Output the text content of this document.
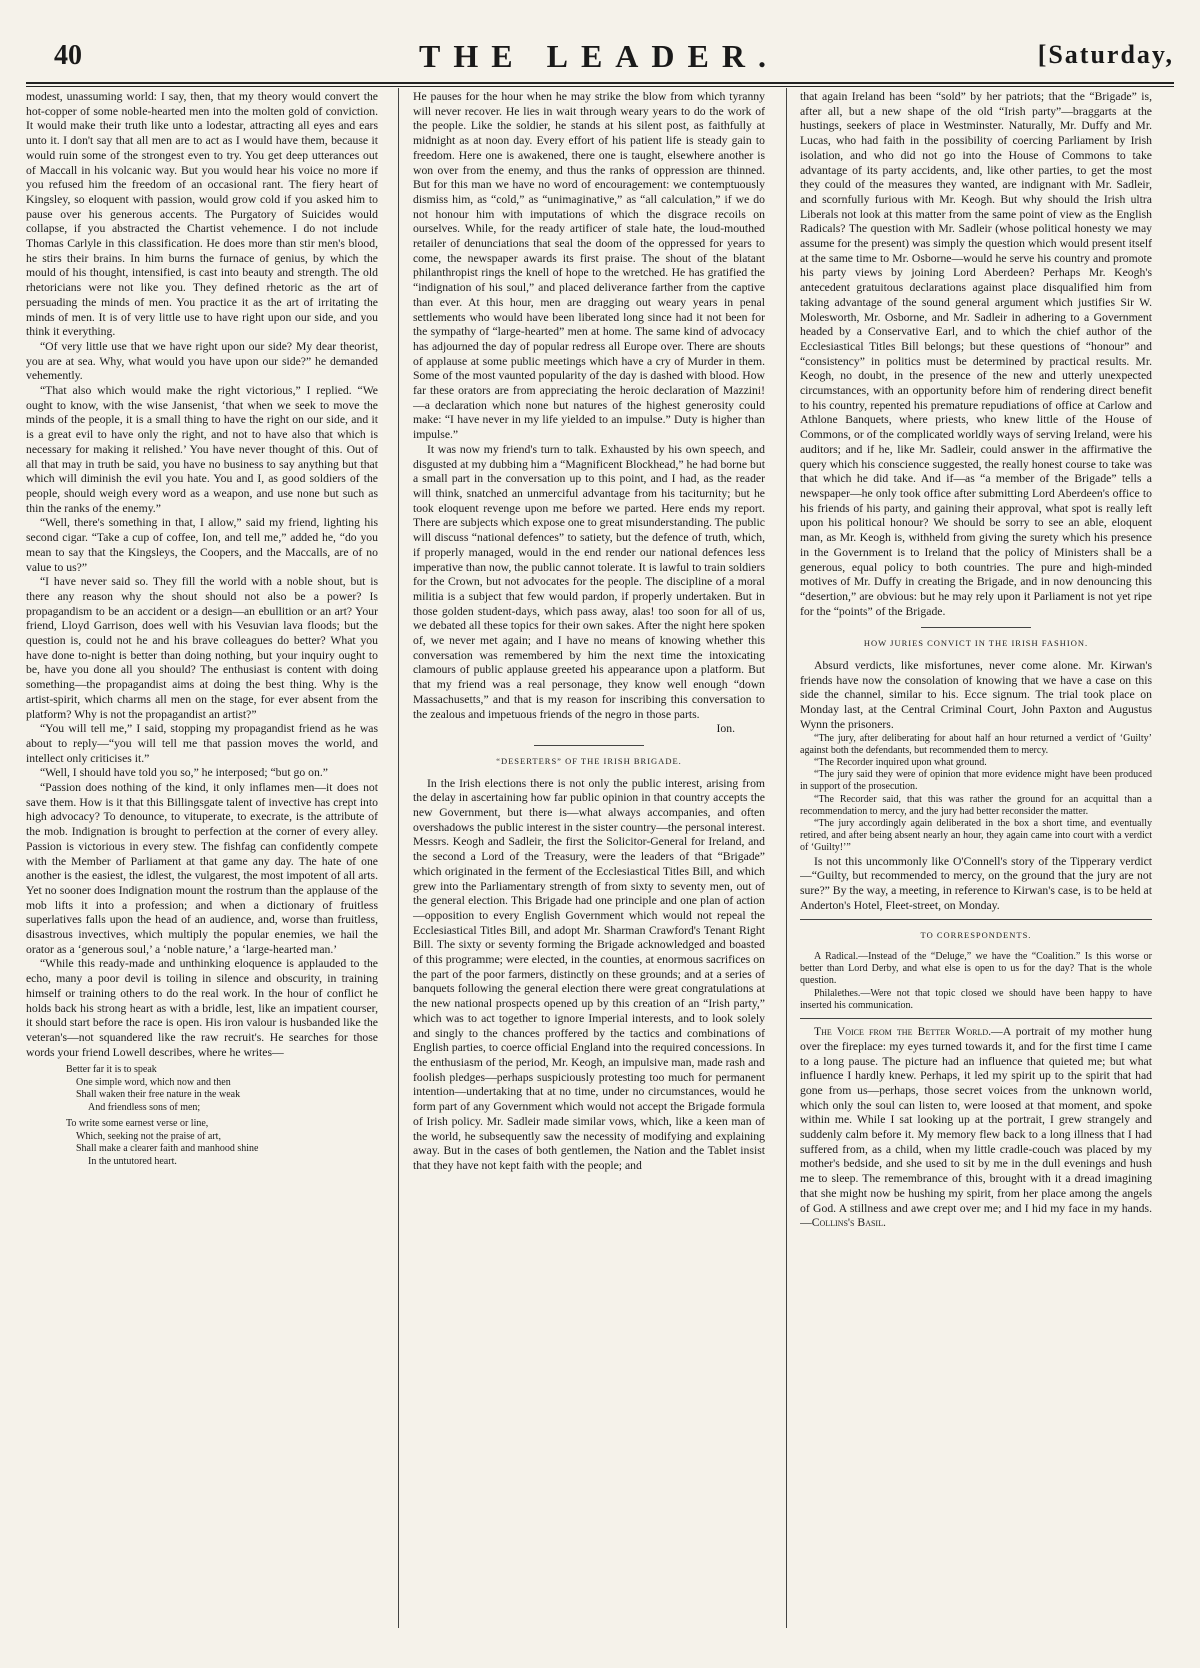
40	THE LEADER.	[Saturday,

modest, unassuming world: I say, then, that my theory would convert the hot-copper of some noble-hearted men into the molten gold of conviction. It would make their truth like unto a lodestar, attracting all eyes and ears unto it. I don't say that all men are to act as I would have them, because it would ruin some of the strongest even to try. You get deep utterances out of Maccall in his volcanic way. But you would hear his voice no more if you refused him the freedom of an occasional rant. The fiery heart of Kingsley, so eloquent with passion, would grow cold if you asked him to pause over his generous accents. The Purgatory of Suicides would collapse, if you abstracted the Chartist vehemence. I do not include Thomas Carlyle in this classification. He does more than stir men's blood, he stirs their brains. In him burns the furnace of genius, by which the mould of his thought, intensified, is cast into beauty and strength. The old rhetoricians were not like you. They defined rhetoric as the art of persuading the minds of men. You practice it as the art of irritating the minds of men. It is of very little use to have right upon our side, and you think it everything.

“Of very little use that we have right upon our side? My dear theorist, you are at sea. Why, what would you have upon our side?” he demanded vehemently.

“That also which would make the right victorious,” I replied. “We ought to know, with the wise Jansenist, ‘that when we seek to move the minds of the people, it is a small thing to have the right on our side, and it is a great evil to have only the right, and not to have also that which is necessary for making it relished.’ You have never thought of this. Out of all that may in truth be said, you have no business to say anything but that which will diminish the evil you hate. You and I, as good soldiers of the people, should weigh every word as a weapon, and use none but such as thin the ranks of the enemy.”

“Well, there's something in that, I allow,” said my friend, lighting his second cigar. “Take a cup of coffee, Ion, and tell me,” added he, “do you mean to say that the Kingsleys, the Coopers, and the Maccalls, are of no value to us?”

“I have never said so. They fill the world with a noble shout, but is there any reason why the shout should not also be a power? Is propagandism to be an accident or a design—an ebullition or an art? Your friend, Lloyd Garrison, does well with his Vesuvian lava floods; but the question is, could not he and his brave colleagues do better? What you have done to-night is better than doing nothing, but your inquiry ought to be, have you done all you should? The enthusiast is content with doing something—the propagandist aims at doing the best thing. Why is the artist-spirit, which charms all men on the stage, for ever absent from the platform? Why is not the propagandist an artist?”

“You will tell me,” I said, stopping my propagandist friend as he was about to reply—“you will tell me that passion moves the world, and intellect only criticises it.”

“Well, I should have told you so,” he interposed; “but go on.”

“Passion does nothing of the kind, it only inflames men—it does not save them. How is it that this Billingsgate talent of invective has crept into high advocacy? To denounce, to vituperate, to execrate, is the attribute of the mob. Indignation is brought to perfection at the corner of every alley. Passion is victorious in every stew. The fishfag can confidently compete with the Member of Parliament at that game any day. The hate of one another is the easiest, the idlest, the vulgarest, the most impotent of all arts. Yet no sooner does Indignation mount the rostrum than the applause of the mob lifts it into a profession; and when a dictionary of fruitless superlatives falls upon the head of an audience, and, worse than fruitless, disastrous invectives, which multiply the popular enemies, we hail the orator as a ‘generous soul,’ a ‘noble nature,’ a ‘large-hearted man.’

“While this ready-made and unthinking eloquence is applauded to the echo, many a poor devil is toiling in silence and obscurity, in training himself or training others to do the real work. In the hour of conflict he holds back his strong heart as with a bridle, lest, like an impatient courser, it should start before the race is open. His iron valour is husbanded like the veteran's—not squandered like the raw recruit's. He searches for those words your friend Lowell describes, where he writes—

Better far it is to speak

One simple word, which now and then

Shall waken their free nature in the weak

And friendless sons of men;

To write some earnest verse or line,

Which, seeking not the praise of art,

Shall make a clearer faith and manhood shine

In the untutored heart.

He pauses for the hour when he may strike the blow from which tyranny will never recover. He lies in wait through weary years to do the work of the people. Like the soldier, he stands at his silent post, as faithfully at midnight as at noon day. Every effort of his patient life is steady gain to freedom. Here one is awakened, there one is taught, elsewhere another is won over from the enemy, and thus the ranks of oppression are thinned. But for this man we have no word of encouragement: we contemptuously dismiss him, as “cold,” as “unimaginative,” as “all calculation,” if we do not honour him with imputations of which the disgrace recoils on ourselves. While, for the ready artificer of stale hate, the loud-mouthed retailer of denunciations that seal the doom of the oppressed for years to come, the newspaper awards its first praise. The shout of the blatant philanthropist rings the knell of hope to the wretched. He has gratified the “indignation of his soul,” and placed deliverance farther from the captive than ever. At this hour, men are dragging out weary years in penal settlements who would have been liberated long since had it not been for the sympathy of “large-hearted” men at home. The same kind of advocacy has adjourned the day of popular redress all Europe over. There are shouts of applause at some public meetings which have a cry of Murder in them. Some of the most vaunted popularity of the day is dashed with blood. How far these orators are from appreciating the heroic declaration of Mazzini!—a declaration which none but natures of the highest generosity could make: “I have never in my life yielded to an impulse.” Duty is higher than impulse.”

It was now my friend's turn to talk. Exhausted by his own speech, and disgusted at my dubbing him a “Magnificent Blockhead,” he had borne but a small part in the conversation up to this point, and I had, as the reader will think, snatched an unmerciful advantage from his taciturnity; but he took eloquent revenge upon me before we parted. Here ends my report. There are subjects which expose one to great misunderstanding. The public will discuss “national defences” to satiety, but the defence of truth, which, if properly managed, would in the end render our national defences less imperative than now, the public cannot tolerate. It is lawful to train soldiers for the Crown, but not advocates for the people. The discipline of a moral militia is a subject that few would pardon, if properly undertaken. But in those golden student-days, which pass away, alas! too soon for all of us, we debated all these topics for their own sakes. After the night here spoken of, we never met again; and I have no means of knowing whether this conversation was remembered by him the next time the intoxicating clamours of public applause greeted his appearance upon a platform. But that my friend was a real personage, they know well enough “down Massachusetts,” and that is my reason for inscribing this conversation to the zealous and impetuous friends of the negro in those parts.

Ion.

“DESERTERS” OF THE IRISH BRIGADE.

In the Irish elections there is not only the public interest, arising from the delay in ascertaining how far public opinion in that country accepts the new Government, but there is—what always accompanies, and often overshadows the public interest in the sister country—the personal interest. Messrs. Keogh and Sadleir, the first the Solicitor-General for Ireland, and the second a Lord of the Treasury, were the leaders of that “Brigade” which originated in the ferment of the Ecclesiastical Titles Bill, and which grew into the Parliamentary strength of from sixty to seventy men, out of the general election. This Brigade had one principle and one plan of action—opposition to every English Government which would not repeal the Ecclesiastical Titles Bill, and adopt Mr. Sharman Crawford's Tenant Right Bill. The sixty or seventy forming the Brigade acknowledged and boasted of this programme; were elected, in the counties, at enormous sacrifices on the part of the poor farmers, distinctly on these grounds; and at a series of banquets following the general election there were great congratulations at the new national prospects opened up by this creation of an “Irish party,” which was to act together to ignore Imperial interests, and to look solely and singly to the chances proffered by the tactics and combinations of English parties, to coerce official England into the required concessions. In the enthusiasm of the period, Mr. Keogh, an impulsive man, made rash and foolish pledges—perhaps suspiciously protesting too much for permanent intention—undertaking that at no time, under no circumstances, would he form part of any Government which would not accept the Brigade formula of Irish policy. Mr. Sadleir made similar vows, which, like a keen man of the world, he subsequently saw the necessity of modifying and explaining away. But in the cases of both gentlemen, the Nation and the Tablet insist that they have not kept faith with the people; and

that again Ireland has been “sold” by her patriots; that the “Brigade” is, after all, but a new shape of the old “Irish party”—braggarts at the hustings, seekers of place in Westminster. Naturally, Mr. Duffy and Mr. Lucas, who had faith in the possibility of coercing Parliament by Irish isolation, and who did not go into the House of Commons to take advantage of its party accidents, and, like other parties, to get the most they could of the measures they wanted, are indignant with Mr. Sadleir, and scornfully furious with Mr. Keogh. But why should the Irish ultra Liberals not look at this matter from the same point of view as the English Radicals? The question with Mr. Sadleir (whose political honesty we may assume for the present) was simply the question which would present itself at the same time to Mr. Osborne—would he serve his country and promote his party views by joining Lord Aberdeen? Perhaps Mr. Keogh's antecedent gratuitous declarations against place disqualified him from taking advantage of the sound general argument which justifies Sir W. Molesworth, Mr. Osborne, and Mr. Sadleir in adhering to a Government headed by a Conservative Earl, and to which the chief author of the Ecclesiastical Titles Bill belongs; but these questions of “honour” and “consistency” in politics must be determined by practical results. Mr. Keogh, no doubt, in the presence of the new and utterly unexpected circumstances, with an opportunity before him of rendering direct benefit to his country, repented his premature repudiations of office at Carlow and Athlone Banquets, where priests, who knew little of the House of Commons, or of the complicated worldly ways of serving Ireland, were his auditors; and if he, like Mr. Sadleir, could answer in the affirmative the query which his conscience suggested, the really honest course to take was that which he did take. And if—as “a member of the Brigade” tells a newspaper—he only took office after submitting Lord Aberdeen's office to his friends of his party, and gaining their approval, what spot is really left upon his political honour? We should be sorry to see an able, eloquent man, as Mr. Keogh is, withheld from giving the surety which his presence in the Government is to Ireland that the policy of Ministers shall be a generous, equal policy to both countries. The pure and high-minded motives of Mr. Duffy in creating the Brigade, and in now denouncing this “desertion,” are obvious: but he may rely upon it Parliament is not yet ripe for the “points” of the Brigade.

HOW JURIES CONVICT IN THE IRISH FASHION.

Absurd verdicts, like misfortunes, never come alone. Mr. Kirwan's friends have now the consolation of knowing that we have a case on this side the channel, similar to his. Ecce signum. The trial took place on Monday last, at the Central Criminal Court, John Paxton and Augustus Wynn the prisoners.

“The jury, after deliberating for about half an hour returned a verdict of ‘Guilty’ against both the defendants, but recommended them to mercy.

“The Recorder inquired upon what ground.

“The jury said they were of opinion that more evidence might have been produced in support of the prosecution.

“The Recorder said, that this was rather the ground for an acquittal than a recommendation to mercy, and the jury had better reconsider the matter.

“The jury accordingly again deliberated in the box a short time, and eventually retired, and after being absent nearly an hour, they again came into court with a verdict of ‘Guilty!’”

Is not this uncommonly like O'Connell's story of the Tipperary verdict—“Guilty, but recommended to mercy, on the ground that the jury are not sure?” By the way, a meeting, in reference to Kirwan's case, is to be held at Anderton's Hotel, Fleet-street, on Monday.

TO CORRESPONDENTS.

A Radical.—Instead of the “Deluge,” we have the “Coalition.” Is this worse or better than Lord Derby, and what else is open to us for the day? That is the whole question.

Philalethes.—Were not that topic closed we should have been happy to have inserted his communication.

The Voice from the Better World.—A portrait of my mother hung over the fireplace: my eyes turned towards it, and for the first time I came to a long pause. The picture had an influence that quieted me; but what influence I hardly knew. Perhaps, it led my spirit up to the spirit that had gone from us—perhaps, those secret voices from the unknown world, which only the soul can listen to, were loosed at that moment, and spoke within me. While I sat looking up at the portrait, I grew strangely and suddenly calm before it. My memory flew back to a long illness that I had suffered from, as a child, when my little cradle-couch was placed by my mother's bedside, and she used to sit by me in the dull evenings and hush me to sleep. The remembrance of this, brought with it a dread imagining that she might now be hushing my spirit, from her place among the angels of God. A stillness and awe crept over me; and I hid my face in my hands.—Collins's Basil.
